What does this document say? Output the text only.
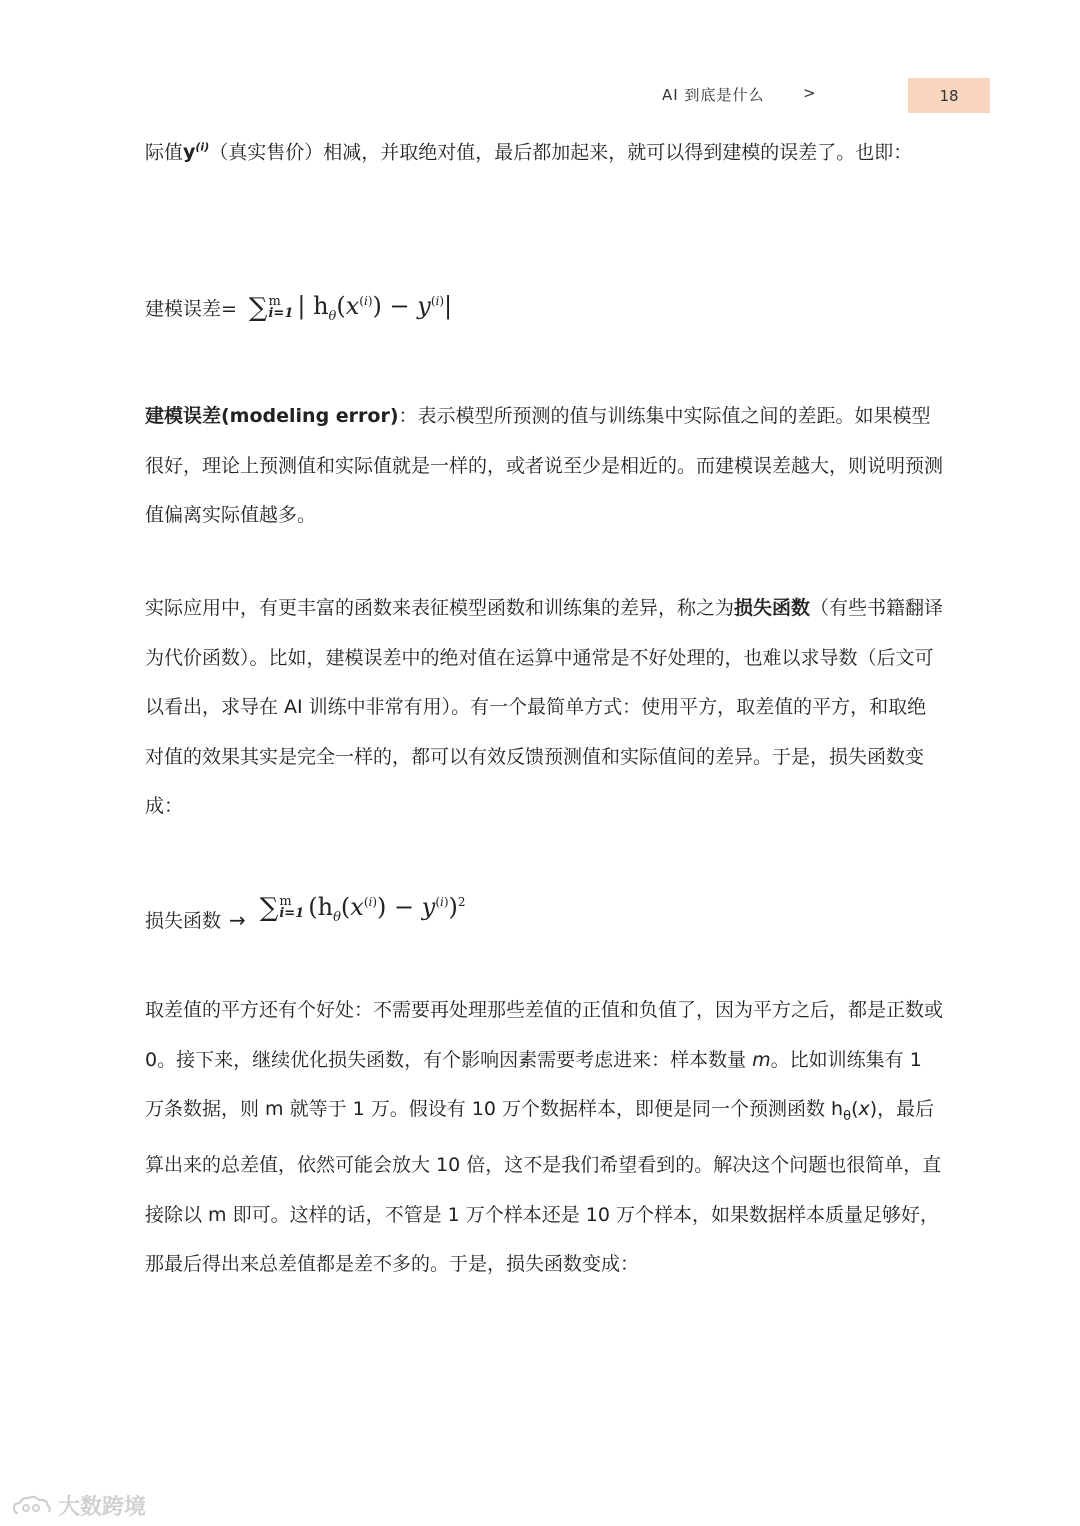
AI 到底是什么	>	18

际值$y^{(i)}$（真实售价）相减，并取绝对值，最后都加起来，就可以得到建模的误差了。也即：

建模误差= ∑ m
i=1 | $h_\theta(x^{(i)}) - y^{(i)}|$

建模误差(modeling error)：表示模型所预测的值与训练集中实际值之间的差距。如果模型很好，理论上预测值和实际值就是一样的，或者说至少是相近的。而建模误差越大，则说明预测值偏离实际值越多。

实际应用中，有更丰富的函数来表征模型函数和训练集的差异，称之为损失函数（有些书籍翻译为代价函数）。比如，建模误差中的绝对值在运算中通常是不好处理的，也难以求导数（后文可以看出，求导在 AI 训练中非常有用）。有一个最简单方式：使用平方，取差值的平方，和取绝对值的效果其实是完全一样的，都可以有效反馈预测值和实际值间的差异。于是，损失函数变成：

损失函数 → ∑ m
i=1 $(h_\theta(x^{(i)}) - y^{(i)})^2$

取差值的平方还有个好处：不需要再处理那些差值的正值和负值了，因为平方之后，都是正数或 0。接下来，继续优化损失函数，有个影响因素需要考虑进来：样本数量 m。比如训练集有 1 万条数据，则 m 就等于 1 万。假设有 10 万个数据样本，即便是同一个预测函数 $h_\theta(x)$，最后算出来的总差值，依然可能会放大 10 倍，这不是我们希望看到的。解决这个问题也很简单，直接除以 m 即可。这样的话，不管是 1 万个样本还是 10 万个样本，如果数据样本质量足够好，那最后得出来总差值都是差不多的。于是，损失函数变成：

大数跨境
